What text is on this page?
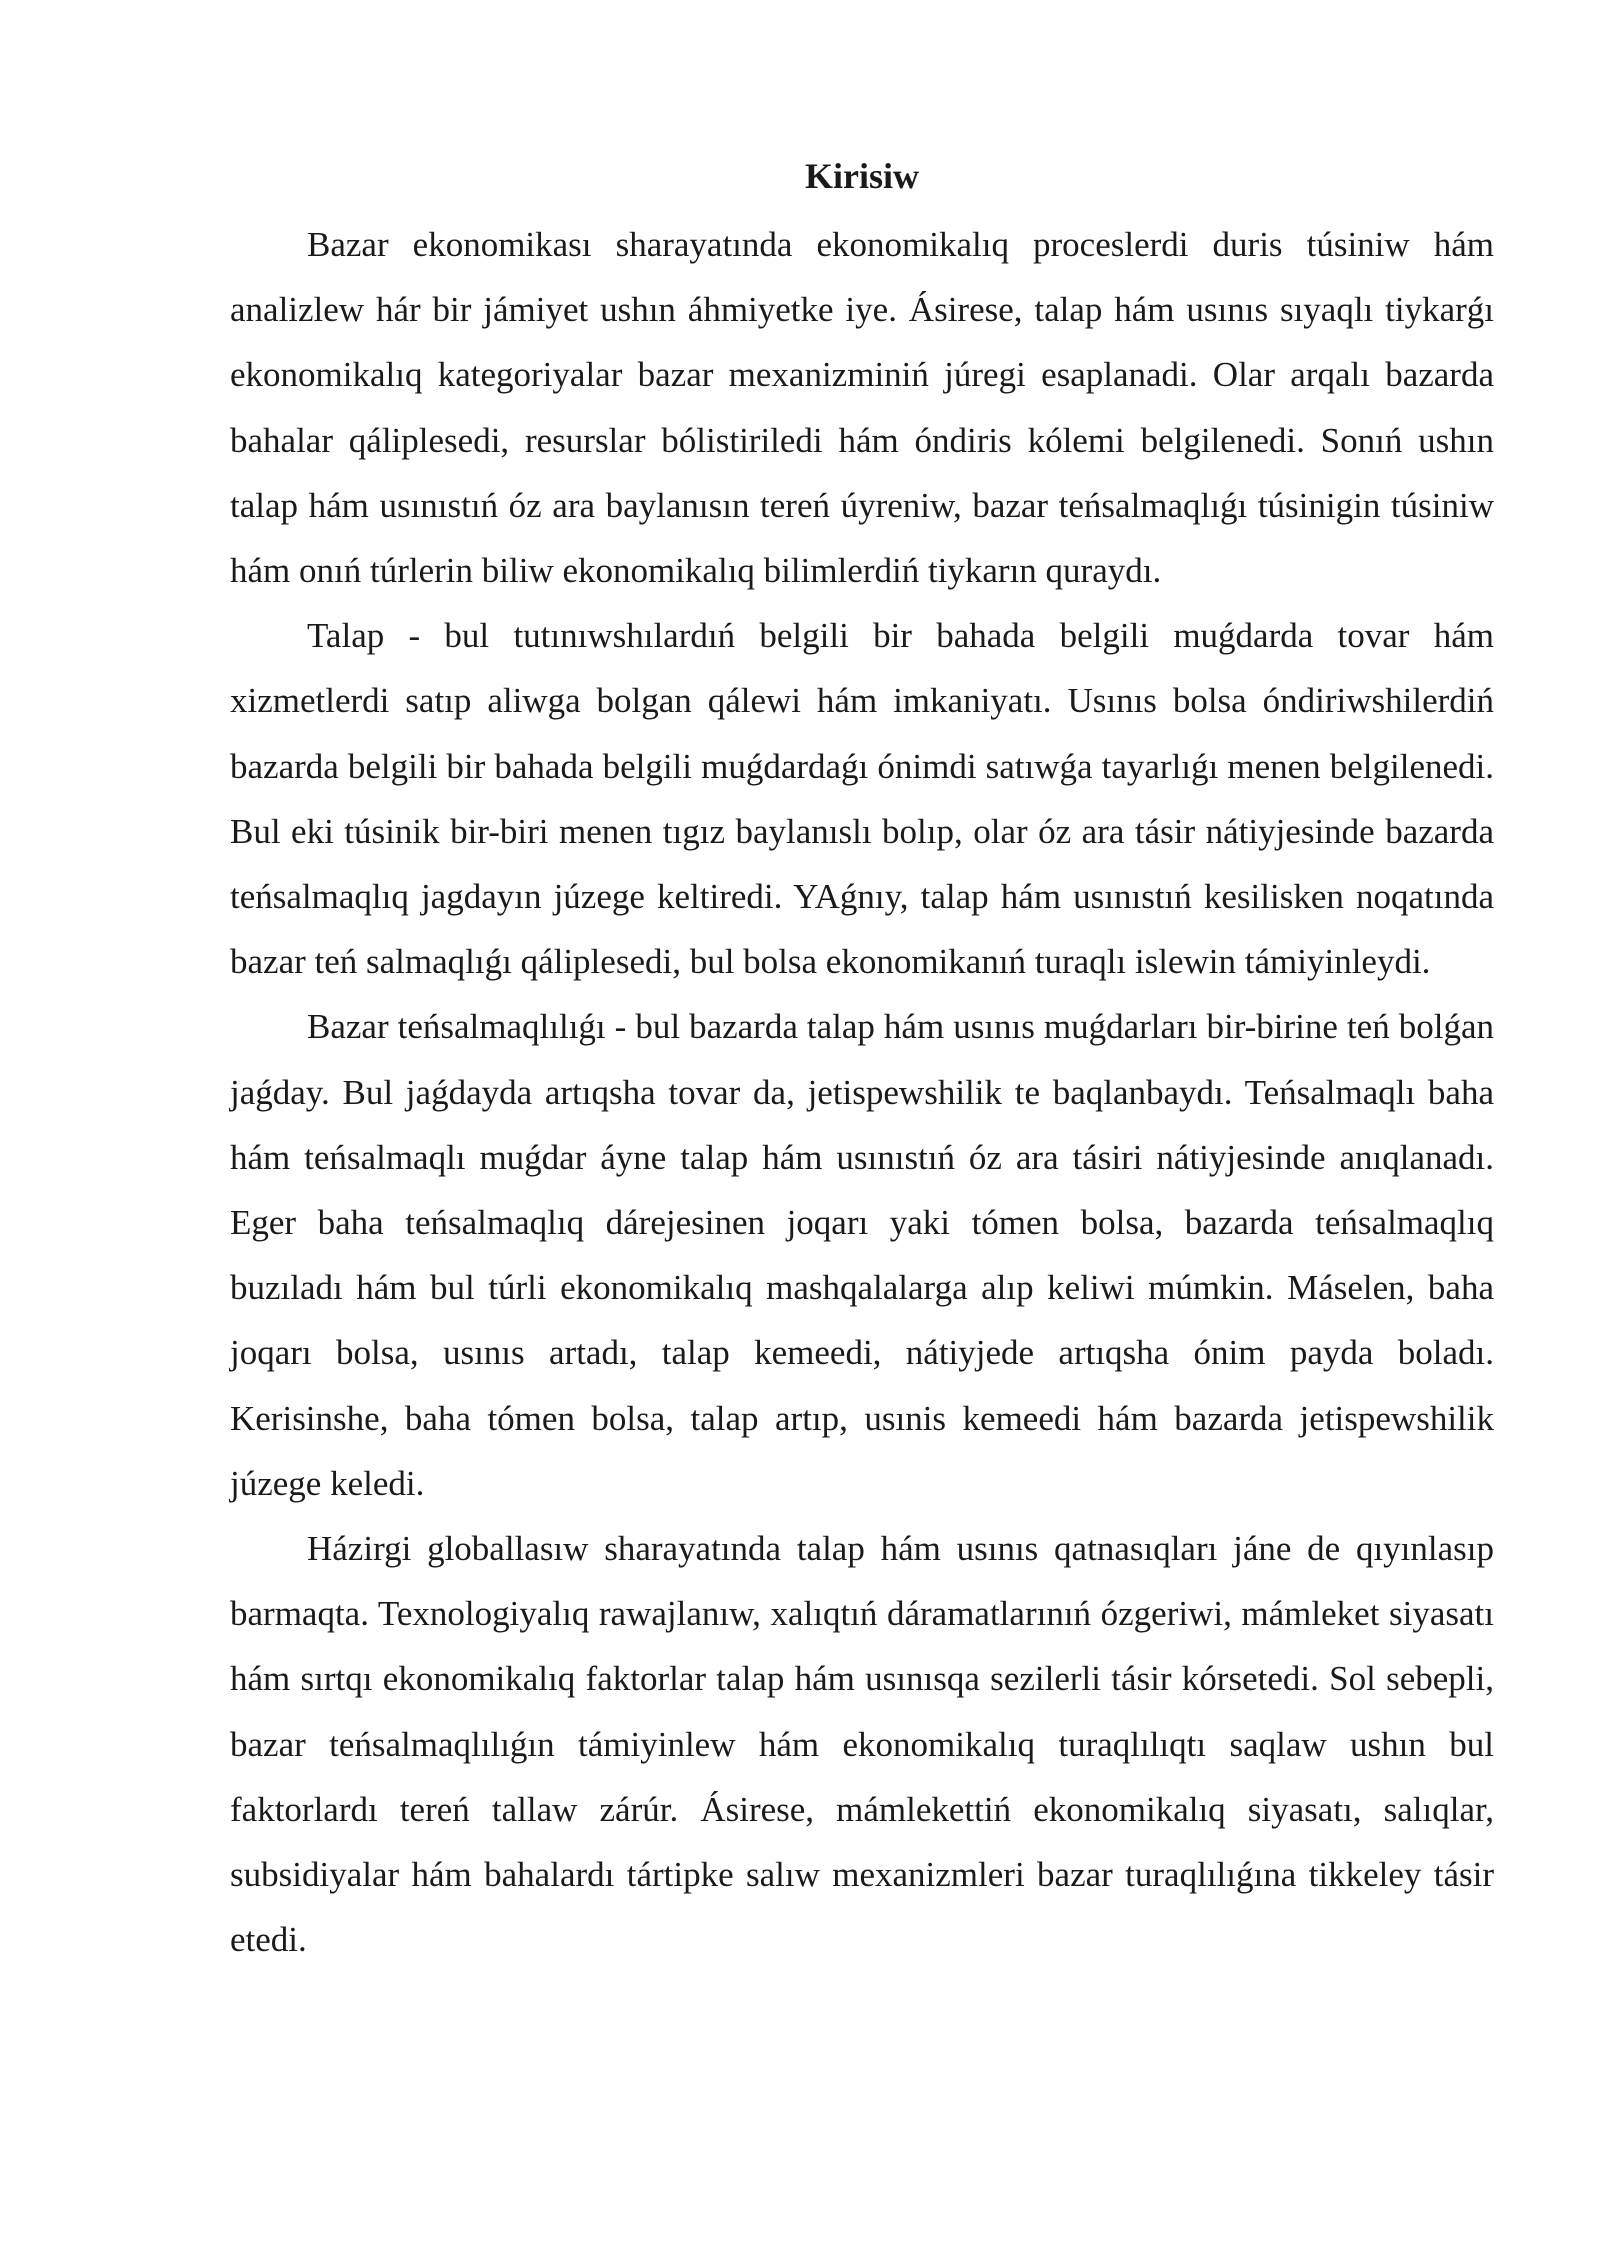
Kirisiw

Bazar ekonomikası sharayatında ekonomikalıq proceslerdi duris túsiniw hám analizlew hár bir jámiyet ushın áhmiyetke iye. Ásirese, talap hám usınıs sıyaqlı tiykarǵı ekonomikalıq kategoriyalar bazar mexanizminiń júregi esaplanadi. Olar arqalı bazarda bahalar qáliplesedi, resurslar bólistiriledi hám óndiris kólemi belgilenedi. Sonıń ushın talap hám usınıstıń óz ara baylanısın tereń úyreniw, bazar teńsalmaqlıǵı túsinigin túsiniw hám onıń túrlerin biliw ekonomikalıq bilimlerdiń tiykarın quraydı.

Talap - bul tutınıwshılardıń belgili bir bahada belgili muǵdarda tovar hám xizmetlerdi satıp aliwga bolgan qálewi hám imkaniyatı. Usınıs bolsa óndiriwshilerdiń bazarda belgili bir bahada belgili muǵdardaǵı ónimdi satıwǵa tayarlıǵı menen belgilenedi. Bul eki túsinik bir-biri menen tıgız baylanıslı bolıp, olar óz ara tásir nátiyjesinde bazarda teńsalmaqlıq jagdayın júzege keltiredi. YAǵnıy, talap hám usınıstıń kesilisken noqatında bazar teń salmaqlıǵı qáliplesedi, bul bolsa ekonomikanıń turaqlı islewin támiyinleydi.

Bazar teńsalmaqlılıǵı - bul bazarda talap hám usınıs muǵdarları bir-birine teń bolǵan jaǵday. Bul jaǵdayda artıqsha tovar da, jetispewshilik te baqlanbaydı. Teńsalmaqlı baha hám teńsalmaqlı muǵdar áyne talap hám usınıstıń óz ara tásiri nátiyjesinde anıqlanadı. Eger baha teńsalmaqlıq dárejesinen joqarı yaki tómen bolsa, bazarda teńsalmaqlıq buzıladı hám bul túrli ekonomikalıq mashqalalarga alıp keliwi múmkin. Máselen, baha joqarı bolsa, usınıs artadı, talap kemeedi, nátiyjede artıqsha ónim payda boladı. Kerisinshe, baha tómen bolsa, talap artıp, usınis kemeedi hám bazarda jetispewshilik júzege keledi.

Házirgi globallasıw sharayatında talap hám usınıs qatnasıqları jáne de qıyınlasıp barmaqta. Texnologiyalıq rawajlanıw, xalıqtıń dáramatlarınıń ózgeriwi, mámleket siyasatı hám sırtqı ekonomikalıq faktorlar talap hám usınısqa sezilerli tásir kórsetedi. Sol sebepli, bazar teńsalmaqlılıǵın támiyinlew hám ekonomikalıq turaqlılıqtı saqlaw ushın bul faktorlardı tereń tallaw zárúr. Ásirese, mámlekettiń ekonomikalıq siyasatı, salıqlar, subsidiyalar hám bahalardı tártipke salıw mexanizmleri bazar turaqlılıǵına tikkeley tásir etedi.
